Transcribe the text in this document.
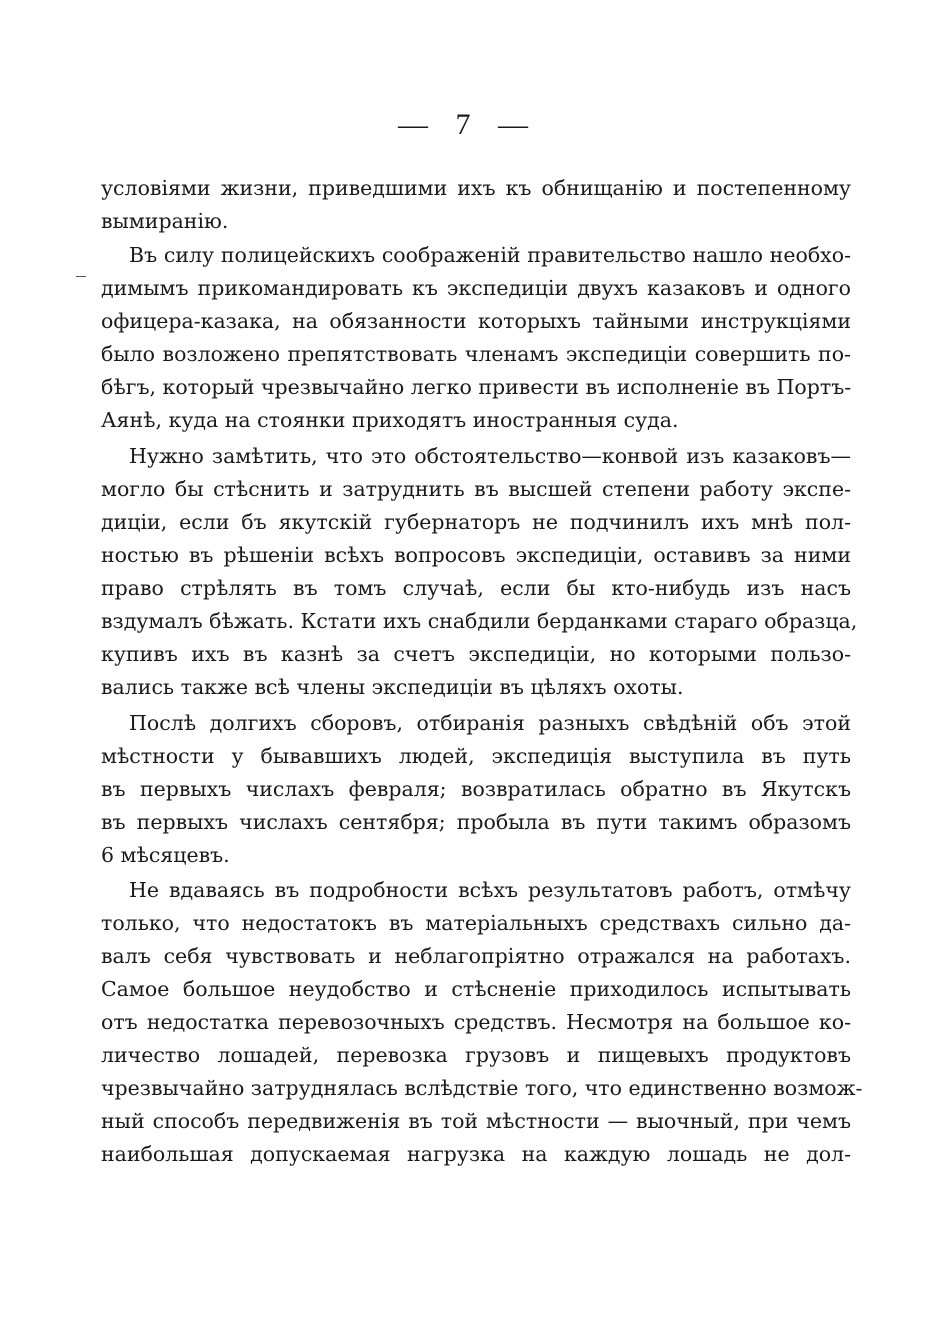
— 7 —
условіями жизни, приведшими ихъ къ обнищанію и постепенному
вымиранію.
Въ силу полицейскихъ соображеній правительство нашло необхо-
димымъ прикомандировать къ экспедиціи двухъ казаковъ и одного
офицера-казака, на обязанности которыхъ тайными инструкціями
было возложено препятствовать членамъ экспедиціи совершить по-
бѣгъ, который чрезвычайно легко привести въ исполненіе въ Портъ-
Аянѣ, куда на стоянки приходятъ иностранныя суда.
Нужно замѣтить, что это обстоятельство—конвой изъ казаковъ—
могло бы стѣснить и затруднить въ высшей степени работу экспе-
диціи, если бъ якутскій губернаторъ не подчинилъ ихъ мнѣ пол-
ностью въ рѣшеніи всѣхъ вопросовъ экспедиціи, оставивъ за ними
право стрѣлять въ томъ случаѣ, если бы кто-нибудь изъ насъ
вздумалъ бѣжать. Кстати ихъ снабдили берданками стараго образца,
купивъ ихъ въ казнѣ за счетъ экспедиціи, но которыми пользо-
вались также всѣ члены экспедиціи въ цѣляхъ охоты.
Послѣ долгихъ сборовъ, отбиранія разныхъ свѣдѣній объ этой
мѣстности у бывавшихъ людей, экспедиція выступила въ путь
въ первыхъ числахъ февраля; возвратилась обратно въ Якутскъ
въ первыхъ числахъ сентября; пробыла въ пути такимъ образомъ
6 мѣсяцевъ.
Не вдаваясь въ подробности всѣхъ результатовъ работъ, отмѣчу
только, что недостатокъ въ матеріальныхъ средствахъ сильно да-
валъ себя чувствовать и неблагопріятно отражался на работахъ.
Самое большое неудобство и стѣсненіе приходилось испытывать
отъ недостатка перевозочныхъ средствъ. Несмотря на большое ко-
личество лошадей, перевозка грузовъ и пищевыхъ продуктовъ
чрезвычайно затруднялась вслѣдствіе того, что единственно возмож-
ный способъ передвиженія въ той мѣстности — выочный, при чемъ
наибольшая допускаемая нагрузка на каждую лошадь не дол-
